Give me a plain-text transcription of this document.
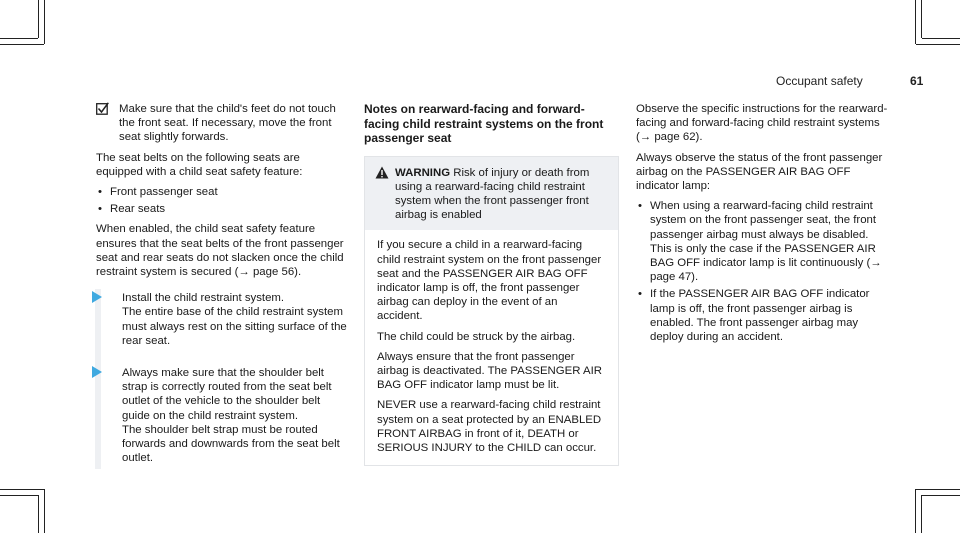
Occupant safety	61
Make sure that the child's feet do not touch the front seat. If necessary, move the front seat slightly forwards.

The seat belts on the following seats are equipped with a child seat safety feature:

• Front passenger seat
• Rear seats

When enabled, the child seat safety feature ensures that the seat belts of the front passenger seat and rear seats do not slacken once the child restraint system is secured (→ page 56).

Install the child restraint system.
The entire base of the child restraint system must always rest on the sitting surface of the rear seat.
Always make sure that the shoulder belt strap is correctly routed from the seat belt outlet of the vehicle to the shoulder belt guide on the child restraint system.
The shoulder belt strap must be routed forwards and downwards from the seat belt outlet.
Notes on rearward-facing and forward-facing child restraint systems on the front passenger seat
WARNING Risk of injury or death from using a rearward-facing child restraint system when the front passenger front airbag is enabled

If you secure a child in a rearward-facing child restraint system on the front passenger seat and the PASSENGER AIR BAG OFF indicator lamp is off, the front passenger airbag can deploy in the event of an accident.

The child could be struck by the airbag.

Always ensure that the front passenger airbag is deactivated. The PASSENGER AIR BAG OFF indicator lamp must be lit.

NEVER use a rearward-facing child restraint system on a seat protected by an ENABLED FRONT AIRBAG in front of it, DEATH or SERIOUS INJURY to the CHILD can occur.

Observe the specific instructions for the rearward-facing and forward-facing child restraint systems (→ page 62).

Always observe the status of the front passenger airbag on the PASSENGER AIR BAG OFF indicator lamp:

• When using a rearward-facing child restraint system on the front passenger seat, the front passenger airbag must always be disabled. This is only the case if the PASSENGER AIR BAG OFF indicator lamp is lit continuously (→ page 47).
• If the PASSENGER AIR BAG OFF indicator lamp is off, the front passenger airbag is enabled. The front passenger airbag may deploy during an accident.
